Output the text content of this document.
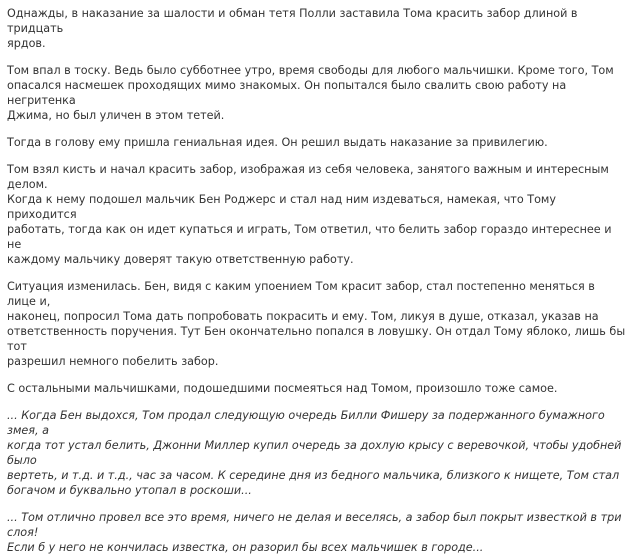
Однажды, в наказание за шалости и обман тетя Полли заставила Тома красить забор длиной в тридцать
ярдов.
Том впал в тоску. Ведь было субботнее утро, время свободы для любого мальчишки. Кроме того, Том
опасался насмешек проходящих мимо знакомых. Он попытался было свалить свою работу на негритенка
Джима, но был уличен в этом тетей.
Тогда в голову ему пришла гениальная идея. Он решил выдать наказание за привилегию.
Том взял кисть и начал красить забор, изображая из себя человека, занятого важным и интересным делом.
Когда к нему подошел мальчик Бен Роджерс и стал над ним издеваться, намекая, что Тому приходится
работать, тогда как он идет купаться и играть, Том ответил, что белить забор гораздо интереснее и не
каждому мальчику доверят такую ответственную работу.
Ситуация изменилась. Бен, видя с каким упоением Том красит забор, стал постепенно меняться в лице и,
наконец, попросил Тома дать попробовать покрасить и ему. Том, ликуя в душе, отказал, указав на
ответственность поручения. Тут Бен окончательно попался в ловушку. Он отдал Тому яблоко, лишь бы тот
разрешил немного побелить забор.
С остальными мальчишками, подошедшими посмеяться над Томом, произошло тоже самое.
... Когда Бен выдохся, Том продал следующую очередь Билли Фишеру за подержанного бумажного змея, а
когда тот устал белить, Джонни Миллер купил очередь за дохлую крысу с веревочкой, чтобы удобней было
вертеть, и т.д. и т.д., час за часом. К середине дня из бедного мальчика, близкого к нищете, Том стал
богачом и буквально утопал в роскоши...
... Том отлично провел все это время, ничего не делая и веселясь, а забор был покрыт известкой в три слоя!
Если б у него не кончилась известка, он разорил бы всех мальчишек в городе...
